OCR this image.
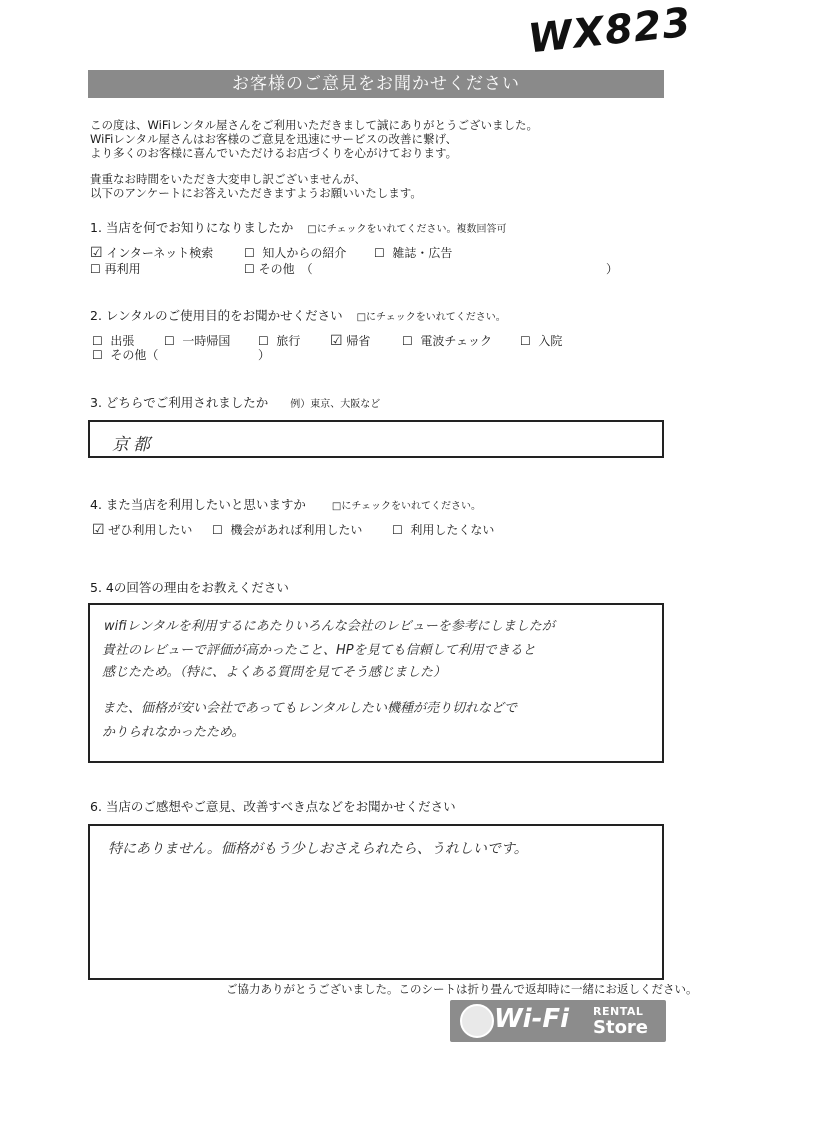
WX823
お客様のご意見をお聞かせください
この度は、WiFiレンタル屋さんをご利用いただきまして誠にありがとうございました。
WiFiレンタル屋さんはお客様のご意見を迅速にサービスの改善に繋げ、
より多くのお客様に喜んでいただけるお店づくりを心がけております。
貴重なお時間をいただき大変申し訳ございませんが、
以下のアンケートにお答えいただきますようお願いいたします。
1. 当店を何でお知りになりましたか □にチェックをいれてください。複数回答可
☑ インターネット検索	☐ 知人からの紹介 ☐ 雑誌・広告
☐ 再利用	☐ その他　（	）
2. レンタルのご使用目的をお聞かせください □にチェックをいれてください。
☐ 出張 ☐ 一時帰国 ☐ 旅行 ☑ 帰省	☐ 電波チェック ☐ 入院
☐ その他（	）
3. どちらでご利用されましたか 例）東京、大阪など
京都
4. また当店を利用したいと思いますか	□にチェックをいれてください。
☑ ぜひ利用したい ☐ 機会があれば利用したい ☐ 利用したくない
5. 4の回答の理由をお教えください
wifiレンタルを利用するにあたりいろんな会社のレビューを参考にしましたが
貴社のレビューで評価が高かったこと、HPを見ても信頼して利用できると
感じたため。（特に、よくある質問を見てそう感じました）
また、価格が安い会社であってもレンタルしたい機種が売り切れなどで
かりられなかったため。
6. 当店のご感想やご意見、改善すべき点などをお聞かせください
特にありません。価格がもう少しおさえられたら、うれしいです。
ご協力ありがとうございました。このシートは折り畳んで返却時に一緒にお返しください。
Wi-Fi RENTAL
Store
